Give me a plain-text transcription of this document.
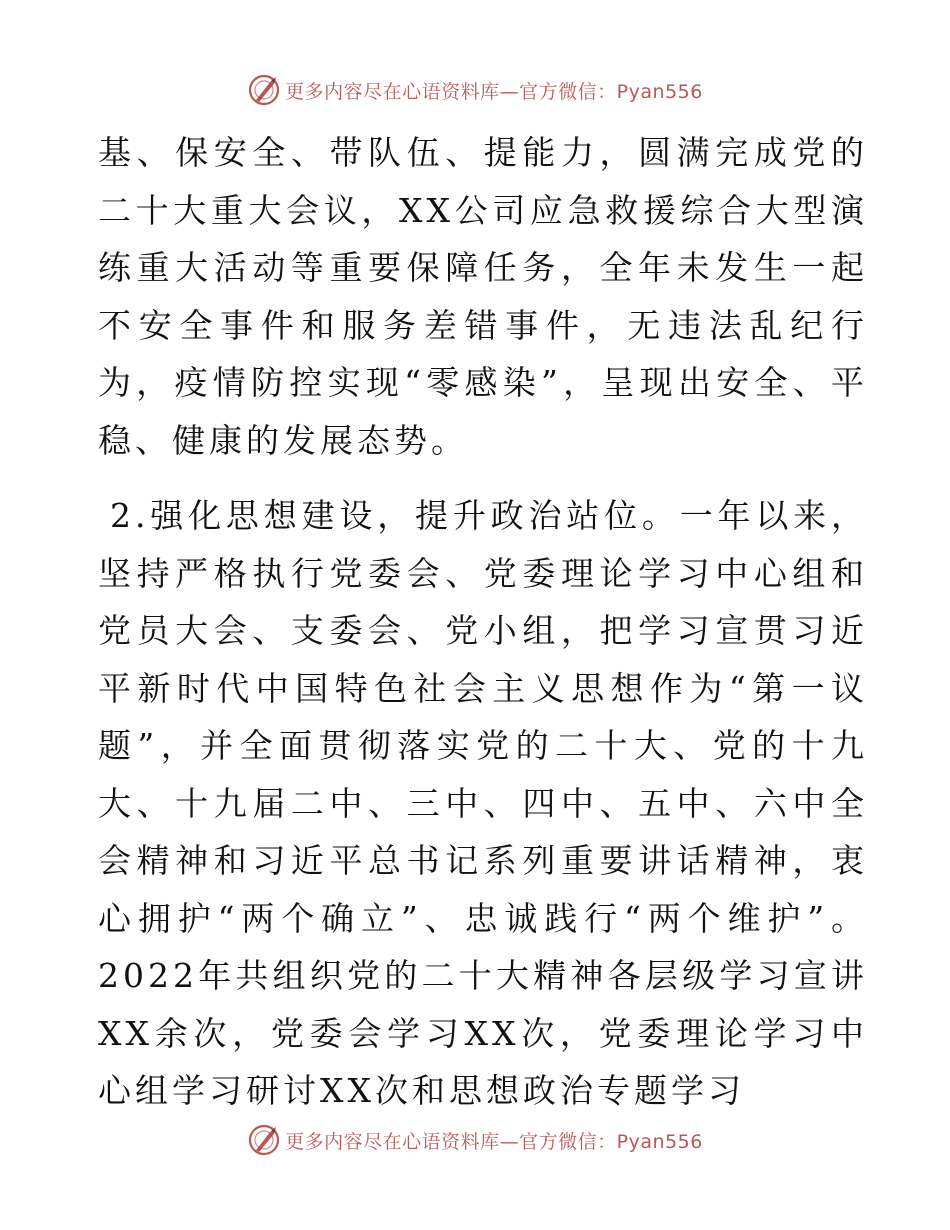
更多内容尽在心语资料库—官方微信：Pyan556

基、保安全、带队伍、提能力，圆满完成党的二十大重大会议，XX公司应急救援综合大型演练重大活动等重要保障任务，全年未发生一起不安全事件和服务差错事件，无违法乱纪行为，疫情防控实现“零感染”，呈现出安全、平稳、健康的发展态势。

2.强化思想建设，提升政治站位。一年以来，坚持严格执行党委会、党委理论学习中心组和党员大会、支委会、党小组，把学习宣贯习近平新时代中国特色社会主义思想作为“第一议题”，并全面贯彻落实党的二十大、党的十九大、十九届二中、三中、四中、五中、六中全会精神和习近平总书记系列重要讲话精神，衷心拥护“两个确立”、忠诚践行“两个维护”。2022年共组织党的二十大精神各层级学习宣讲XX余次，党委会学习XX次，党委理论学习中心组学习研讨XX次和思想政治专题学习

更多内容尽在心语资料库—官方微信：Pyan556
